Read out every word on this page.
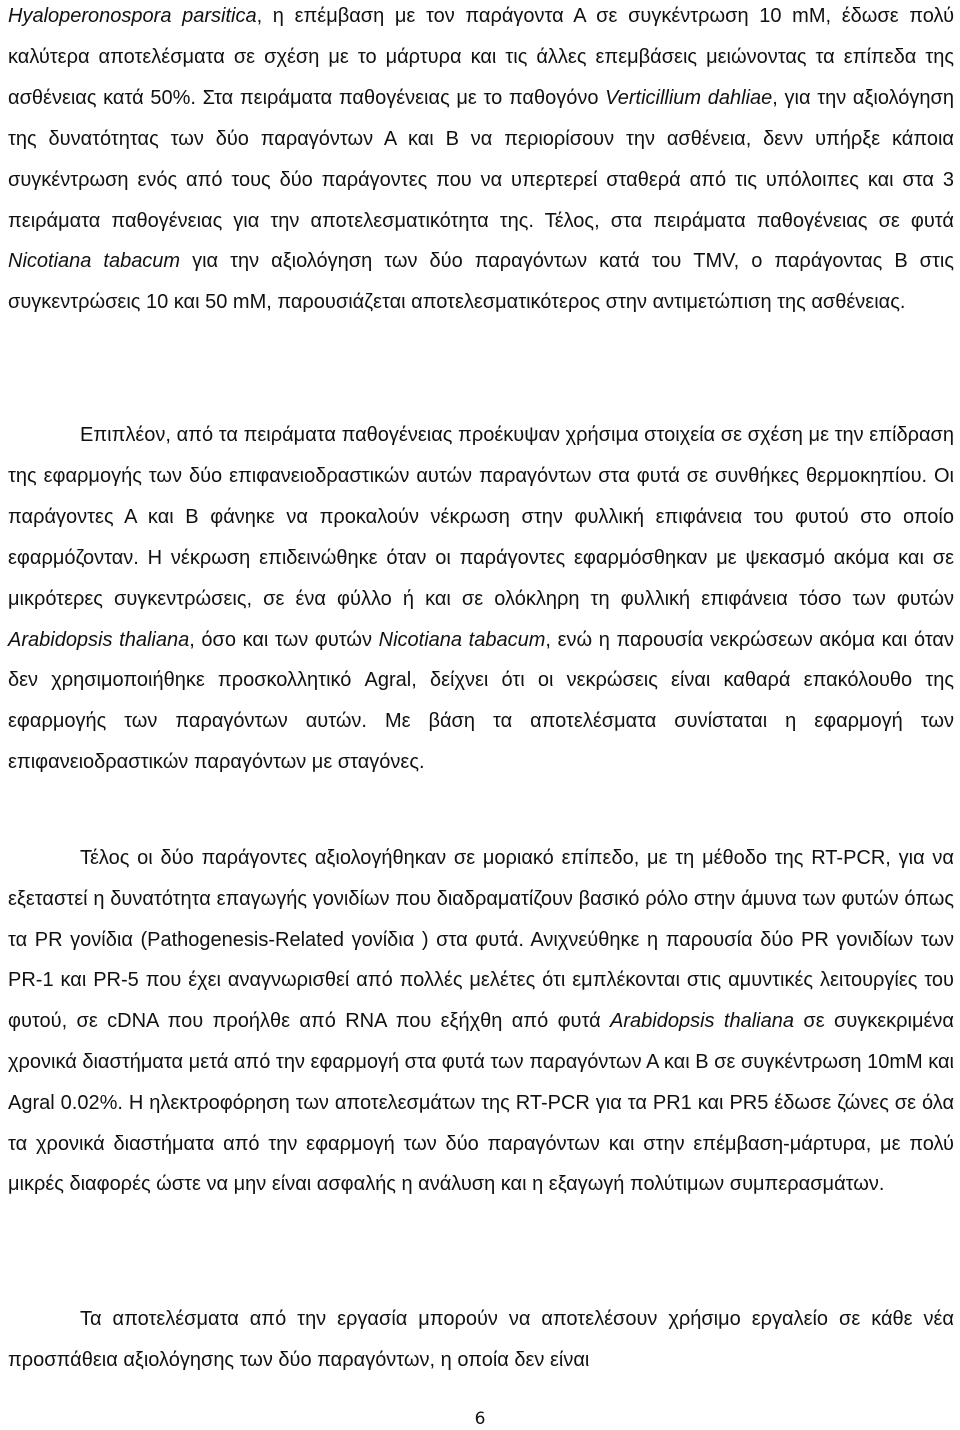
Hyaloperonospora parsitica, η επέμβαση με τον παράγοντα Α σε συγκέντρωση 10 mM, έδωσε πολύ καλύτερα αποτελέσματα σε σχέση με το μάρτυρα και τις άλλες επεμβάσεις μειώνοντας τα επίπεδα της ασθένειας κατά 50%. Στα πειράματα παθογένειας με το παθογόνο Verticillium dahliae, για την αξιολόγηση της δυνατότητας των δύο παραγόντων Α και Β να περιορίσουν την ασθένεια, δενν υπήρξε κάποια συγκέντρωση ενός από τους δύο παράγοντες που να υπερτερεί σταθερά από τις υπόλοιπες και στα 3 πειράματα παθογένειας για την αποτελεσματικότητα της. Τέλος, στα πειράματα παθογένειας σε φυτά Nicotiana tabacum για την αξιολόγηση των δύο παραγόντων κατά του TMV, ο παράγοντας Β στις συγκεντρώσεις 10 και 50 mM, παρουσιάζεται αποτελεσματικότερος στην αντιμετώπιση της ασθένειας.

Επιπλέον, από τα πειράματα παθογένειας προέκυψαν χρήσιμα στοιχεία σε σχέση με την επίδραση της εφαρμογής των δύο επιφανειοδραστικών αυτών παραγόντων στα φυτά σε συνθήκες θερμοκηπίου. Οι παράγοντες Α και Β φάνηκε να προκαλούν νέκρωση στην φυλλική επιφάνεια του φυτού στο οποίο εφαρμόζονταν. Η νέκρωση επιδεινώθηκε όταν οι παράγοντες εφαρμόσθηκαν με ψεκασμό ακόμα και σε μικρότερες συγκεντρώσεις, σε ένα φύλλο ή και σε ολόκληρη τη φυλλική επιφάνεια τόσο των φυτών Arabidopsis thaliana, όσο και των φυτών Nicotiana tabacum, ενώ η παρουσία νεκρώσεων ακόμα και όταν δεν χρησιμοποιήθηκε προσκολλητικό Agral, δείχνει ότι οι νεκρώσεις είναι καθαρά επακόλουθο της εφαρμογής των παραγόντων αυτών. Με βάση τα αποτελέσματα συνίσταται η εφαρμογή των επιφανειοδραστικών παραγόντων με σταγόνες.

Τέλος οι δύο παράγοντες αξιολογήθηκαν σε μοριακό επίπεδο, με τη μέθοδο της RT-PCR, για να εξεταστεί η δυνατότητα επαγωγής γονιδίων που διαδραματίζουν βασικό ρόλο στην άμυνα των φυτών όπως τα PR γονίδια (Pathogenesis-Related γονίδια ) στα φυτά. Ανιχνεύθηκε η παρουσία δύο PR γονιδίων των PR-1 και PR-5 που έχει αναγνωρισθεί από πολλές μελέτες ότι εμπλέκονται στις αμυντικές λειτουργίες του φυτού, σε cDNA που προήλθε από RNA που εξήχθη από φυτά Arabidopsis thaliana σε συγκεκριμένα χρονικά διαστήματα μετά από την εφαρμογή στα φυτά των παραγόντων Α και Β σε συγκέντρωση 10mM και Agral 0.02%. Η ηλεκτροφόρηση των αποτελεσμάτων της RT-PCR για τα PR1 και PR5 έδωσε ζώνες σε όλα τα χρονικά διαστήματα από την εφαρμογή των δύο παραγόντων και στην επέμβαση-μάρτυρα, με πολύ μικρές διαφορές ώστε να μην είναι ασφαλής η ανάλυση και η εξαγωγή πολύτιμων συμπερασμάτων.

Τα αποτελέσματα από την εργασία μπορούν να αποτελέσουν χρήσιμο εργαλείο σε κάθε νέα προσπάθεια αξιολόγησης των δύο παραγόντων, η οποία δεν είναι

6
